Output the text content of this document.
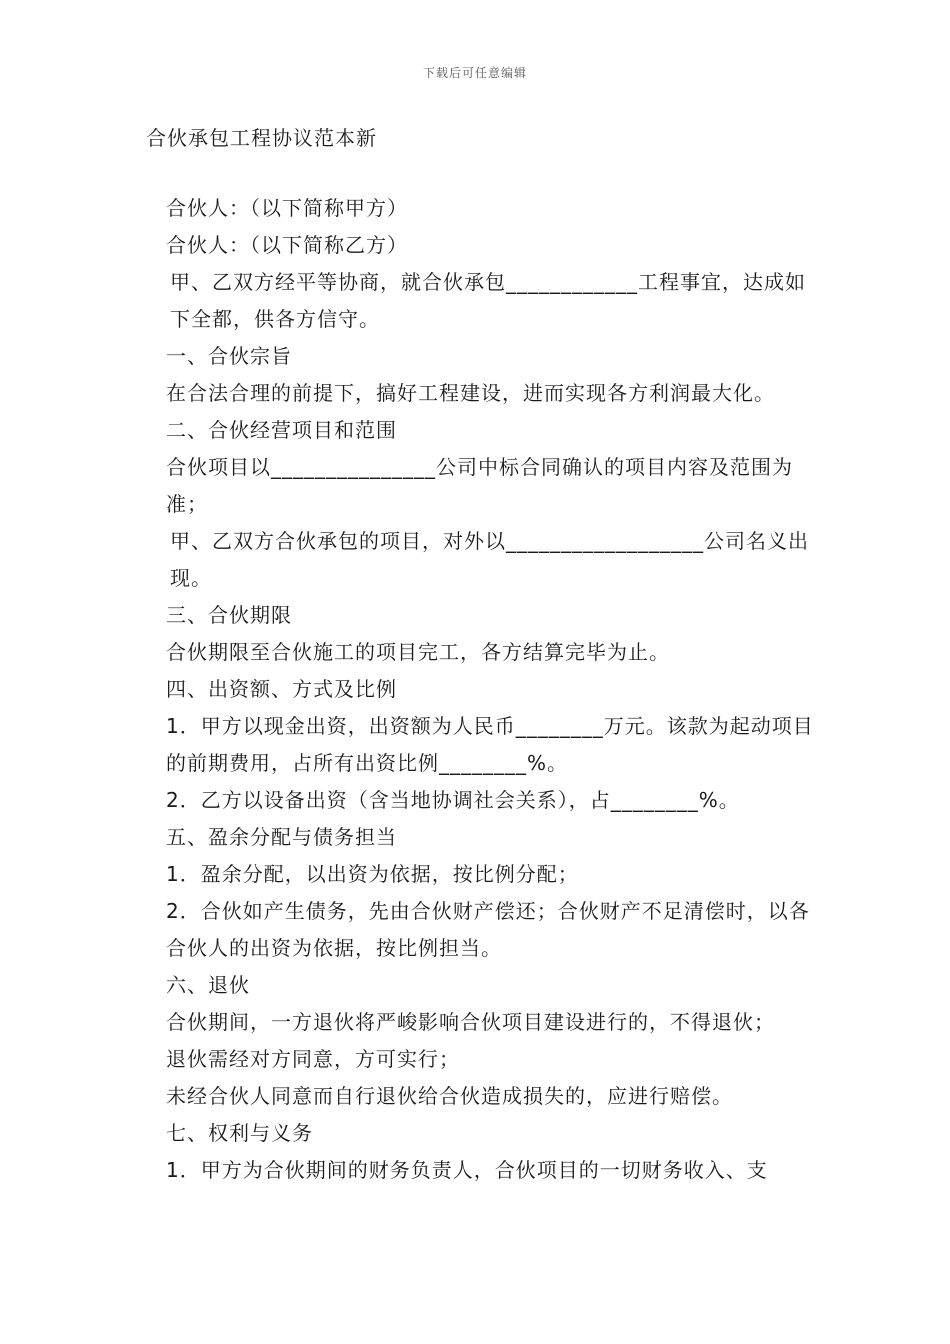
下载后可任意编辑
合伙承包工程协议范本新

合伙人：（以下简称甲方）

合伙人：（以下简称乙方）

甲、乙双方经平等协商，就合伙承包____________工程事宜，达成如下全都，供各方信守。

一、合伙宗旨

在合法合理的前提下，搞好工程建设，进而实现各方利润最大化。

二、合伙经营项目和范围

合伙项目以_______________公司中标合同确认的项目内容及范围为准；

甲、乙双方合伙承包的项目，对外以__________________公司名义出现。

三、合伙期限

合伙期限至合伙施工的项目完工，各方结算完毕为止。

四、出资额、方式及比例

1．甲方以现金出资，出资额为人民币________万元。该款为起动项目的前期费用，占所有出资比例________%。

2．乙方以设备出资（含当地协调社会关系），占________%。

五、盈余分配与债务担当

1．盈余分配，以出资为依据，按比例分配；

2．合伙如产生债务，先由合伙财产偿还；合伙财产不足清偿时，以各合伙人的出资为依据，按比例担当。

六、退伙

合伙期间，一方退伙将严峻影响合伙项目建设进行的，不得退伙；

退伙需经对方同意，方可实行；

未经合伙人同意而自行退伙给合伙造成损失的，应进行赔偿。

七、权利与义务

1．甲方为合伙期间的财务负责人，合伙项目的一切财务收入、支
